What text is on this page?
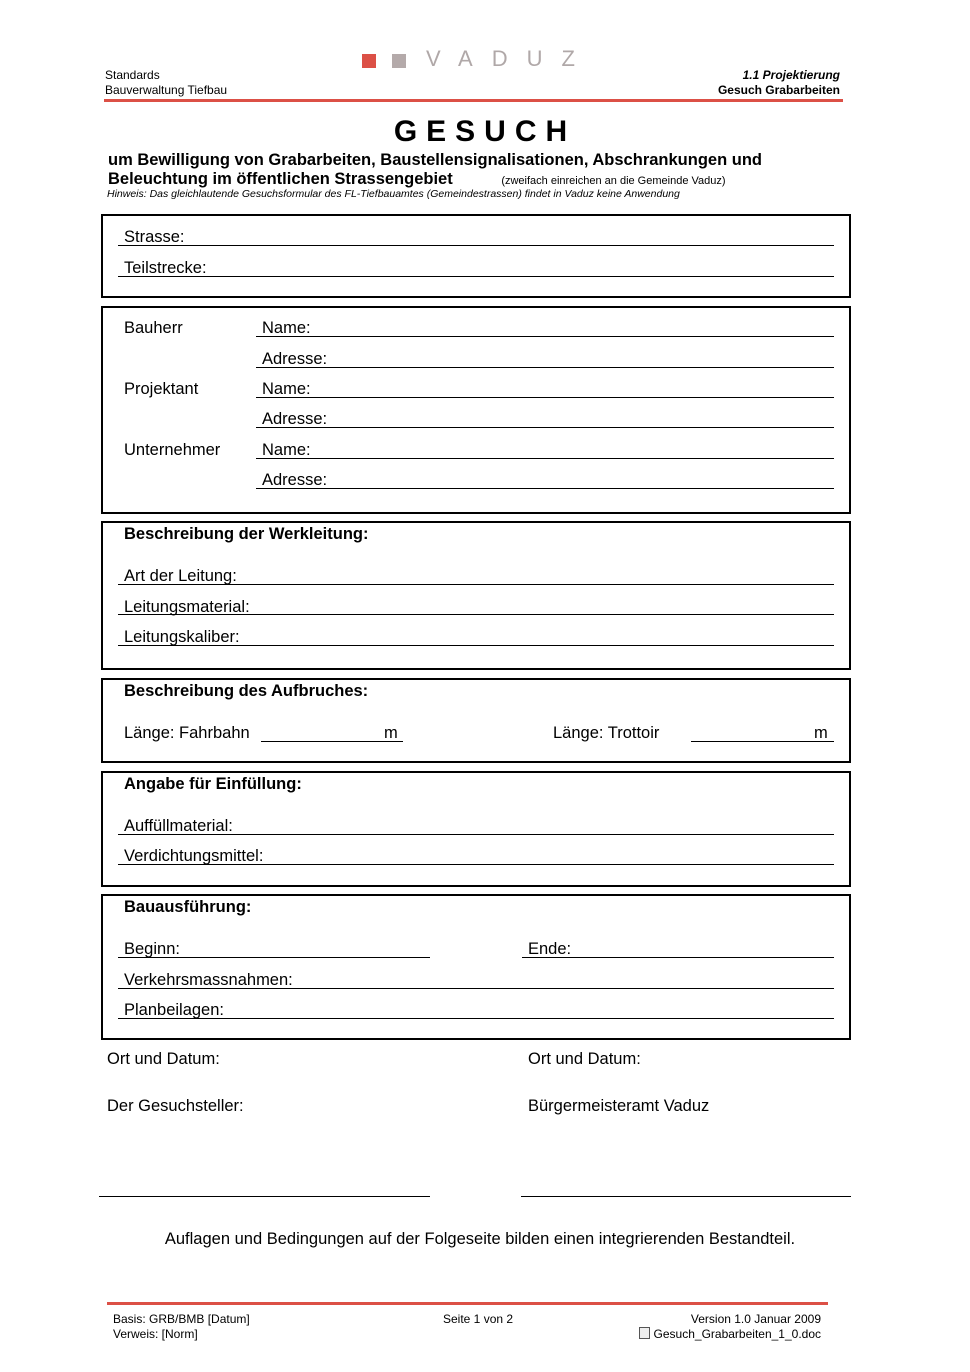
Standards
Bauverwaltung Tiefbau
VADUZ
1.1 Projektierung
Gesuch Grabarbeiten
GESUCH
um Bewilligung von Grabarbeiten, Baustellensignalisationen, Abschrankungen und
Beleuchtung im öffentlichen Strassengebiet	(zweifach einreichen an die Gemeinde Vaduz)
Hinweis: Das gleichlautende Gesuchsformular des FL-Tiefbauamtes (Gemeindestrassen) findet in Vaduz keine Anwendung
Strasse:
Teilstrecke:
Bauherr	Name:
Adresse:
Projektant	Name:
Adresse:
Unternehmer	Name:
Adresse:
Beschreibung der Werkleitung:
Art der Leitung:
Leitungsmaterial:
Leitungskaliber:
Beschreibung des Aufbruches:
Länge: Fahrbahn	m	Länge: Trottoir	m
Angabe für Einfüllung:
Auffüllmaterial:
Verdichtungsmittel:
Bauausführung:
Beginn:	Ende:
Verkehrsmassnahmen:
Planbeilagen:
Ort und Datum:	Ort und Datum:
Der Gesuchsteller:	Bürgermeisteramt Vaduz
Auflagen und Bedingungen auf der Folgeseite bilden einen integrierenden Bestandteil.
Basis: GRB/BMB [Datum]
Verweis: [Norm]
Seite 1 von 2	Version 1.0 Januar 2009
Gesuch_Grabarbeiten_1_0.doc
